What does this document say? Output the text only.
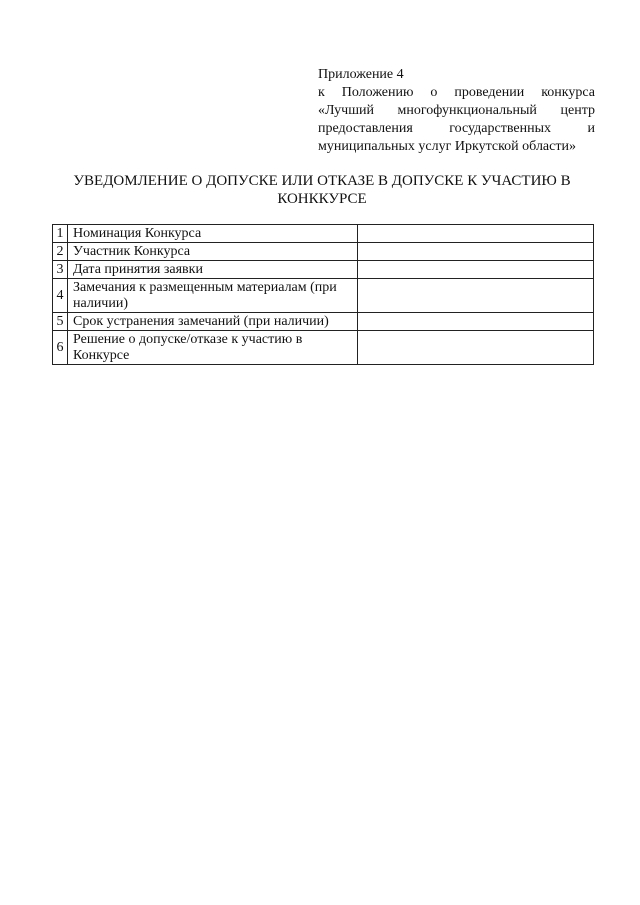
Приложение 4
к Положению о проведении конкурса
«Лучший многофункциональный центр
предоставления государственных и
муниципальных услуг Иркутской области»
УВЕДОМЛЕНИЕ О ДОПУСКЕ ИЛИ ОТКАЗЕ В ДОПУСКЕ К УЧАСТИЮ В
КОНККУРСЕ
1	Номинация Конкурса	
2	Участник Конкурса	
3	Дата принятия заявки	
4	Замечания к размещенным материалам (при наличии)	
5	Срок устранения замечаний (при наличии)	
6	Решение о допуске/отказе к участию в Конкурсе	
